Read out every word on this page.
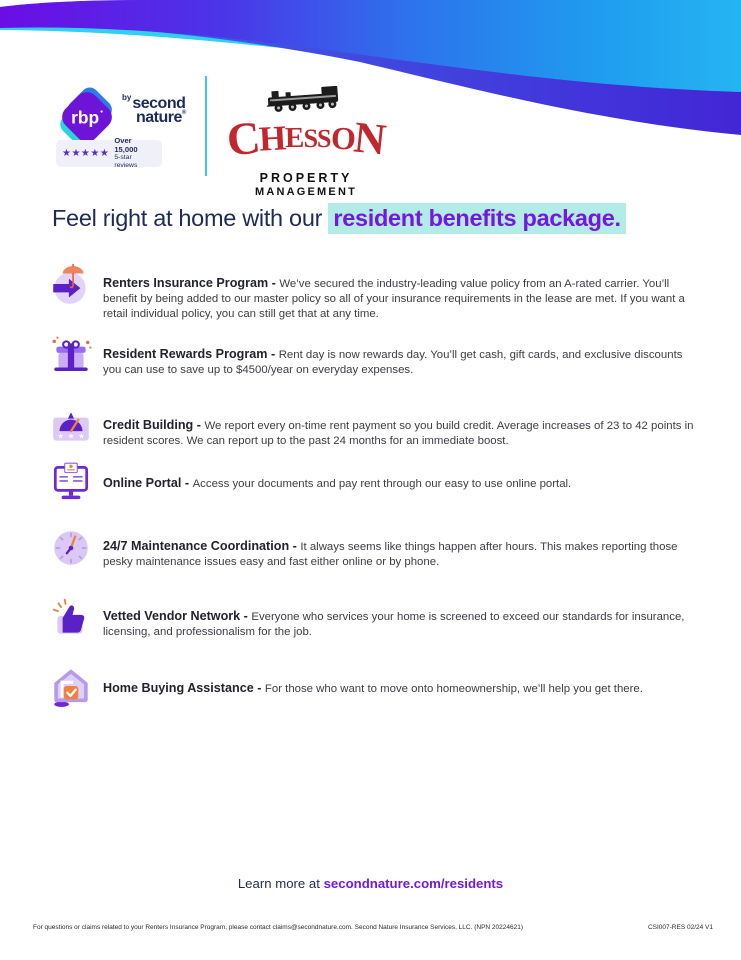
rbp
$^{by}$second
nature®
★★★★★
Over 15,000
5-star reviews
C
H
E S S
O
N
PROPERTY
MANAGEMENT
Feel right at home with our resident benefits package.

Renters Insurance Program - We’ve secured the industry-leading value policy from an A-rated carrier. You’ll benefit by being added to our master policy so all of your insurance requirements in the lease are met. If you want a retail individual policy, you can still get that at any time.

Resident Rewards Program - Rent day is now rewards day. You’ll get cash, gift cards, and exclusive discounts you can use to save up to $4500/year on everyday expenses.

★ ★ ★

Credit Building - We report every on-time rent payment so you build credit. Average increases of 23 to 42 points in resident scores. We can report up to the past 24 months for an immediate boost.

Online Portal - Access your documents and pay rent through our easy to use online portal.

24/7 Maintenance Coordination - It always seems like things happen after hours. This makes reporting those pesky maintenance issues easy and fast either online or by phone.

Vetted Vendor Network - Everyone who services your home is screened to exceed our standards for insurance, licensing, and professionalism for the job.

Home Buying Assistance - For those who want to move onto homeownership, we’ll help you get there.

Learn more at secondnature.com/residents
For questions or claims related to your Renters Insurance Program, please contact claims@secondnature.com. Second Nature Insurance Services, LLC. (NPN 20224621)	CSI007-RES 02/24 V1
